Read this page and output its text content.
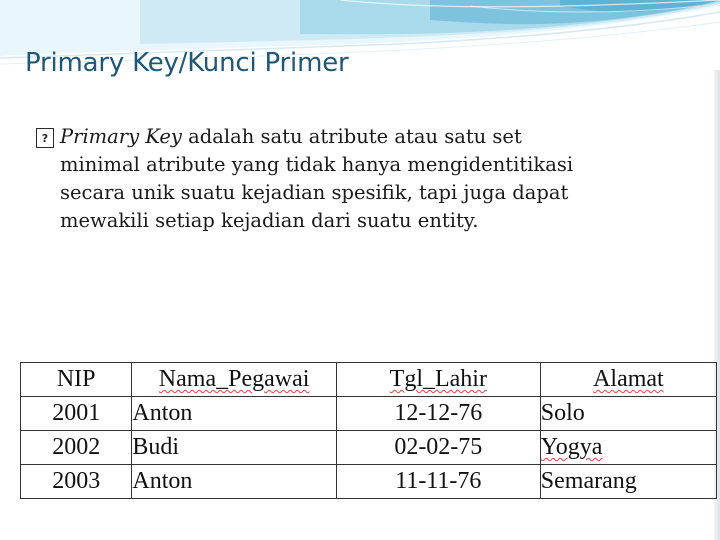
Primary Key/Kunci Primer
? Primary Key adalah satu atribute atau satu set
minimal atribute yang tidak hanya mengidentitikasi
secara unik suatu kejadian spesifik, tapi juga dapat
mewakili setiap kejadian dari suatu entity.
NIP	Nama_Pegawai	Tgl_Lahir	Alamat
2001	Anton	12-12-76	Solo
2002	Budi	02-02-75	Yogya
2003	Anton	11-11-76	Semarang
